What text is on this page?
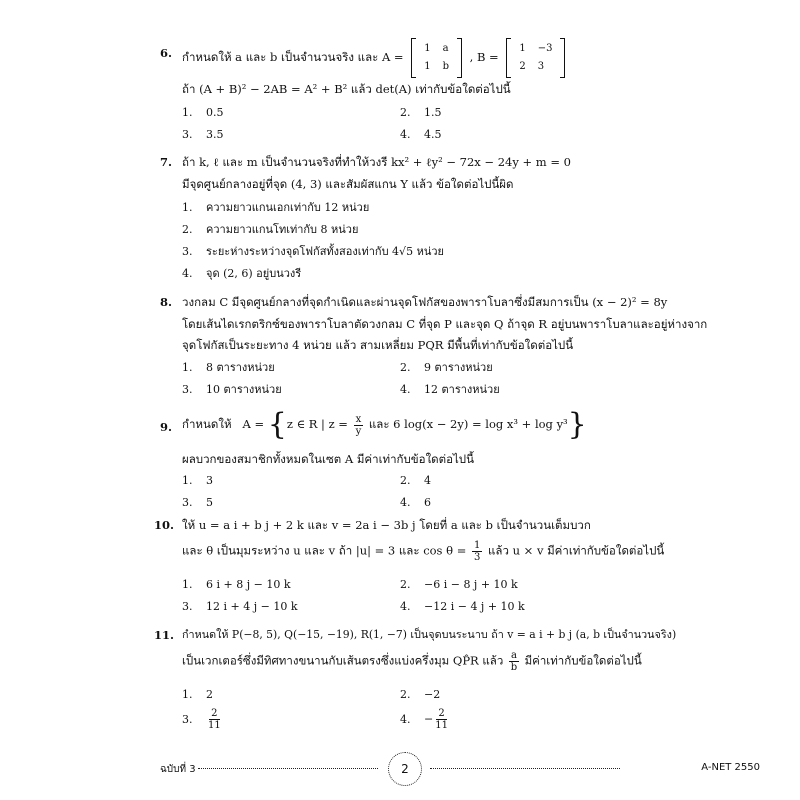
6. กำหนดให้ a และ b เป็นจำนวนจริง และ A =
1	a
1	b
, B =
1	−3
2	3
ถ้า (A + B)² − 2AB = A² + B² แล้ว det(A) เท่ากับข้อใดต่อไปนี้
1. 0.5	2. 1.5
3. 3.5	4. 4.5
7. ถ้า k, ℓ และ m เป็นจำนวนจริงที่ทำให้วงรี kx² + ℓy² − 72x − 24y + m = 0
มีจุดศูนย์กลางอยู่ที่จุด (4, 3) และสัมผัสแกน Y แล้ว ข้อใดต่อไปนี้ผิด
1. ความยาวแกนเอกเท่ากับ 12 หน่วย
2. ความยาวแกนโทเท่ากับ 8 หน่วย
3. ระยะห่างระหว่างจุดโฟกัสทั้งสองเท่ากับ 4√5 หน่วย
4. จุด (2, 6) อยู่บนวงรี
8. วงกลม C มีจุดศูนย์กลางที่จุดกำเนิดและผ่านจุดโฟกัสของพาราโบลาซึ่งมีสมการเป็น (x − 2)² = 8y
โดยเส้นไดเรกตริกซ์ของพาราโบลาตัดวงกลม C ที่จุด P และจุด Q ถ้าจุด R อยู่บนพาราโบลาและอยู่ห่างจาก
จุดโฟกัสเป็นระยะทาง 4 หน่วย แล้ว สามเหลี่ยม PQR มีพื้นที่เท่ากับข้อใดต่อไปนี้
1. 8 ตารางหน่วย	2. 9 ตารางหน่วย
3. 10 ตารางหน่วย	4. 12 ตารางหน่วย
9. กำหนดให้ A = {z ∈ R | $z = \frac{x}{y}$ และ 6 log(x − 2y) = log x³ + log y³}
ผลบวกของสมาชิกทั้งหมดในเซต A มีค่าเท่ากับข้อใดต่อไปนี้
1. 3	2. 4
3. 5	4. 6
10. ให้ u = a i + b j + 2 k และ v = 2a i − 3b j โดยที่ a และ b เป็นจำนวนเต็มบวก
และ θ เป็นมุมระหว่าง u และ v ถ้า |u| = 3 และ $\cos \theta = \frac{1}{3}$ แล้ว u × v มีค่าเท่ากับข้อใดต่อไปนี้
1. 6 i + 8 j − 10 k	2. −6 i − 8 j + 10 k
3. 12 i + 4 j − 10 k	4. −12 i − 4 j + 10 k
11. กำหนดให้ P(−8, 5), Q(−15, −19), R(1, −7) เป็นจุดบนระนาบ ถ้า v = a i + b j (a, b เป็นจำนวนจริง)
เป็นเวกเตอร์ซึ่งมีทิศทางขนานกับเส้นตรงซึ่งแบ่งครึ่งมุม QP̂R แล้ว $\frac{a}{b}$ มีค่าเท่ากับข้อใดต่อไปนี้
1. 2	2. −2
3. $\frac{2}{11}$	4. − $\frac{2}{11}$
ฉบับที่ 3	2	A-NET 2550
